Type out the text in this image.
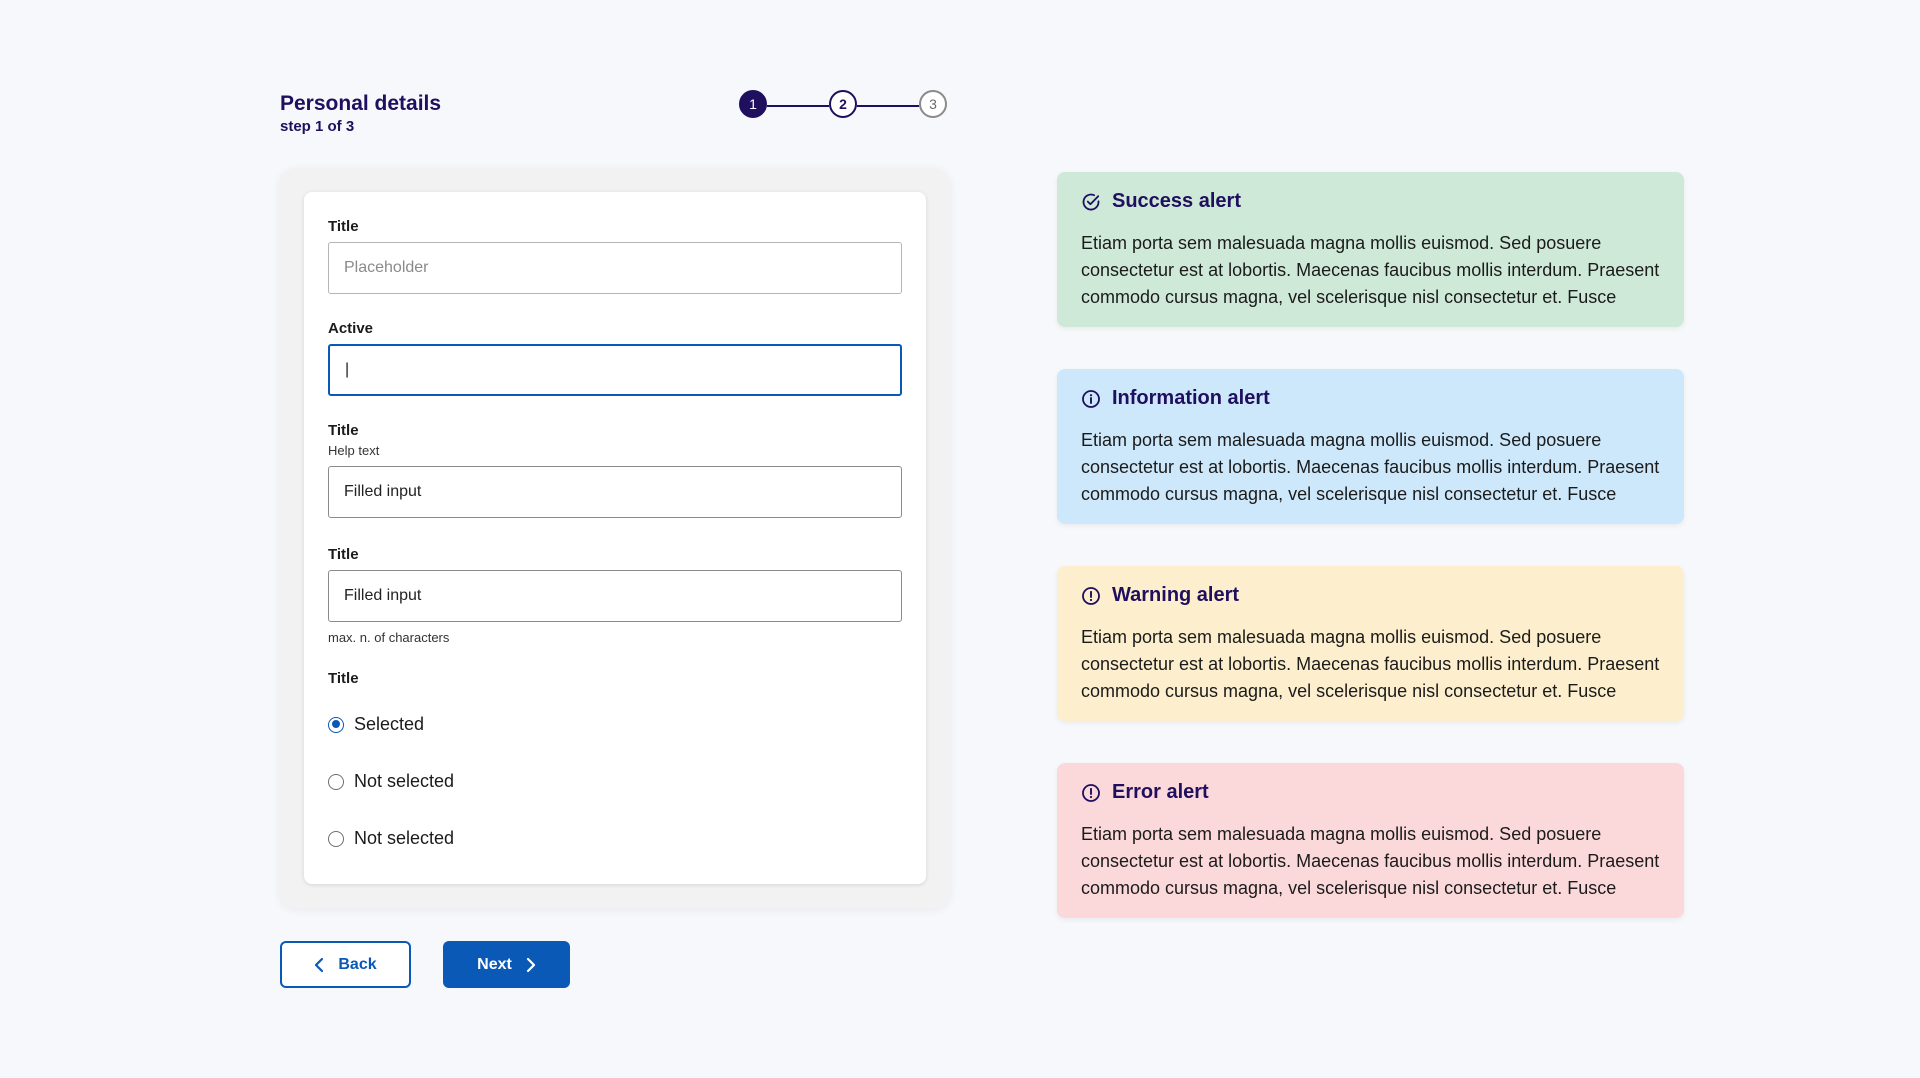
Personal details
step 1 of 3
1	2	3
Title
Placeholder
Active
|
Title
Help text
Filled input
Title
Filled input
max. n. of characters
Title
Selected
Not selected
Not selected
Back	Next
Success alert
Etiam porta sem malesuada magna mollis euismod. Sed posuere consectetur est at lobortis. Maecenas faucibus mollis interdum. Praesent commodo cursus magna, vel scelerisque nisl consectetur et. Fusce
Information alert
Etiam porta sem malesuada magna mollis euismod. Sed posuere consectetur est at lobortis. Maecenas faucibus mollis interdum. Praesent commodo cursus magna, vel scelerisque nisl consectetur et. Fusce
Warning alert
Etiam porta sem malesuada magna mollis euismod. Sed posuere consectetur est at lobortis. Maecenas faucibus mollis interdum. Praesent commodo cursus magna, vel scelerisque nisl consectetur et. Fusce
Error alert
Etiam porta sem malesuada magna mollis euismod. Sed posuere consectetur est at lobortis. Maecenas faucibus mollis interdum. Praesent commodo cursus magna, vel scelerisque nisl consectetur et. Fusce
